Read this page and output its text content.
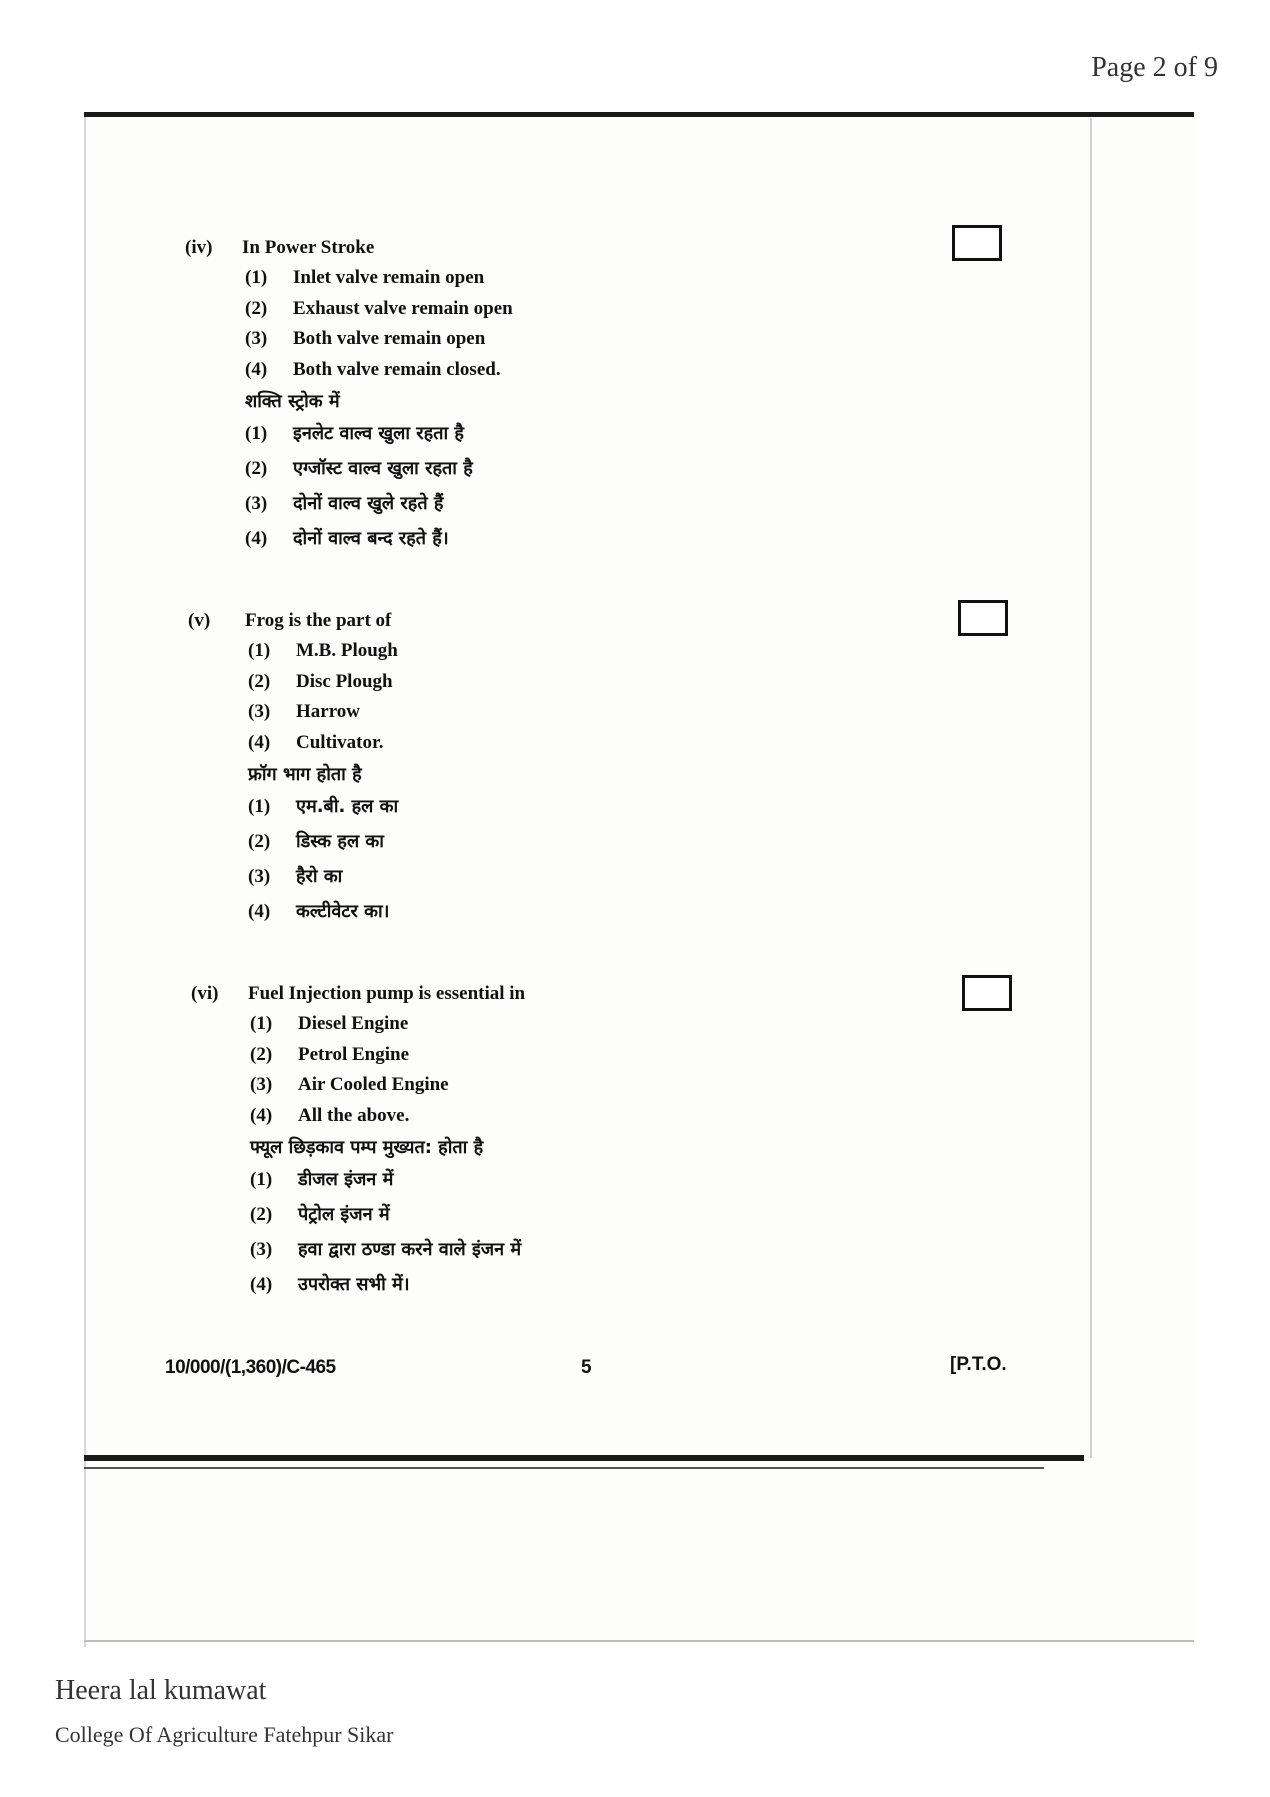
Page 2 of 9
(iv) In Power Stroke
(1) Inlet valve remain open
(2) Exhaust valve remain open
(3) Both valve remain open
(4) Both valve remain closed.
शक्ति स्ट्रोक में
(1) इनलेट वाल्व खुला रहता है
(2) एग्जॉस्ट वाल्व खुला रहता है
(3) दोनों वाल्व खुले रहते हैं
(4) दोनों वाल्व बन्द रहते हैं।
(v) Frog is the part of
(1) M.B. Plough
(2) Disc Plough
(3) Harrow
(4) Cultivator.
फ्रॉग भाग होता है
(1) एम.बी. हल का
(2) डिस्क हल का
(3) हैरो का
(4) कल्टीवेटर का।
(vi) Fuel Injection pump is essential in
(1) Diesel Engine
(2) Petrol Engine
(3) Air Cooled Engine
(4) All the above.
फ्यूल छिड़काव पम्प मुख्यत: होता है
(1) डीजल इंजन में
(2) पेट्रोल इंजन में
(3) हवा द्वारा ठण्डा करने वाले इंजन में
(4) उपरोक्त सभी में।
10/000/(1,360)/C-465	5	[P.T.O.
Heera lal kumawat
College Of Agriculture Fatehpur Sikar
